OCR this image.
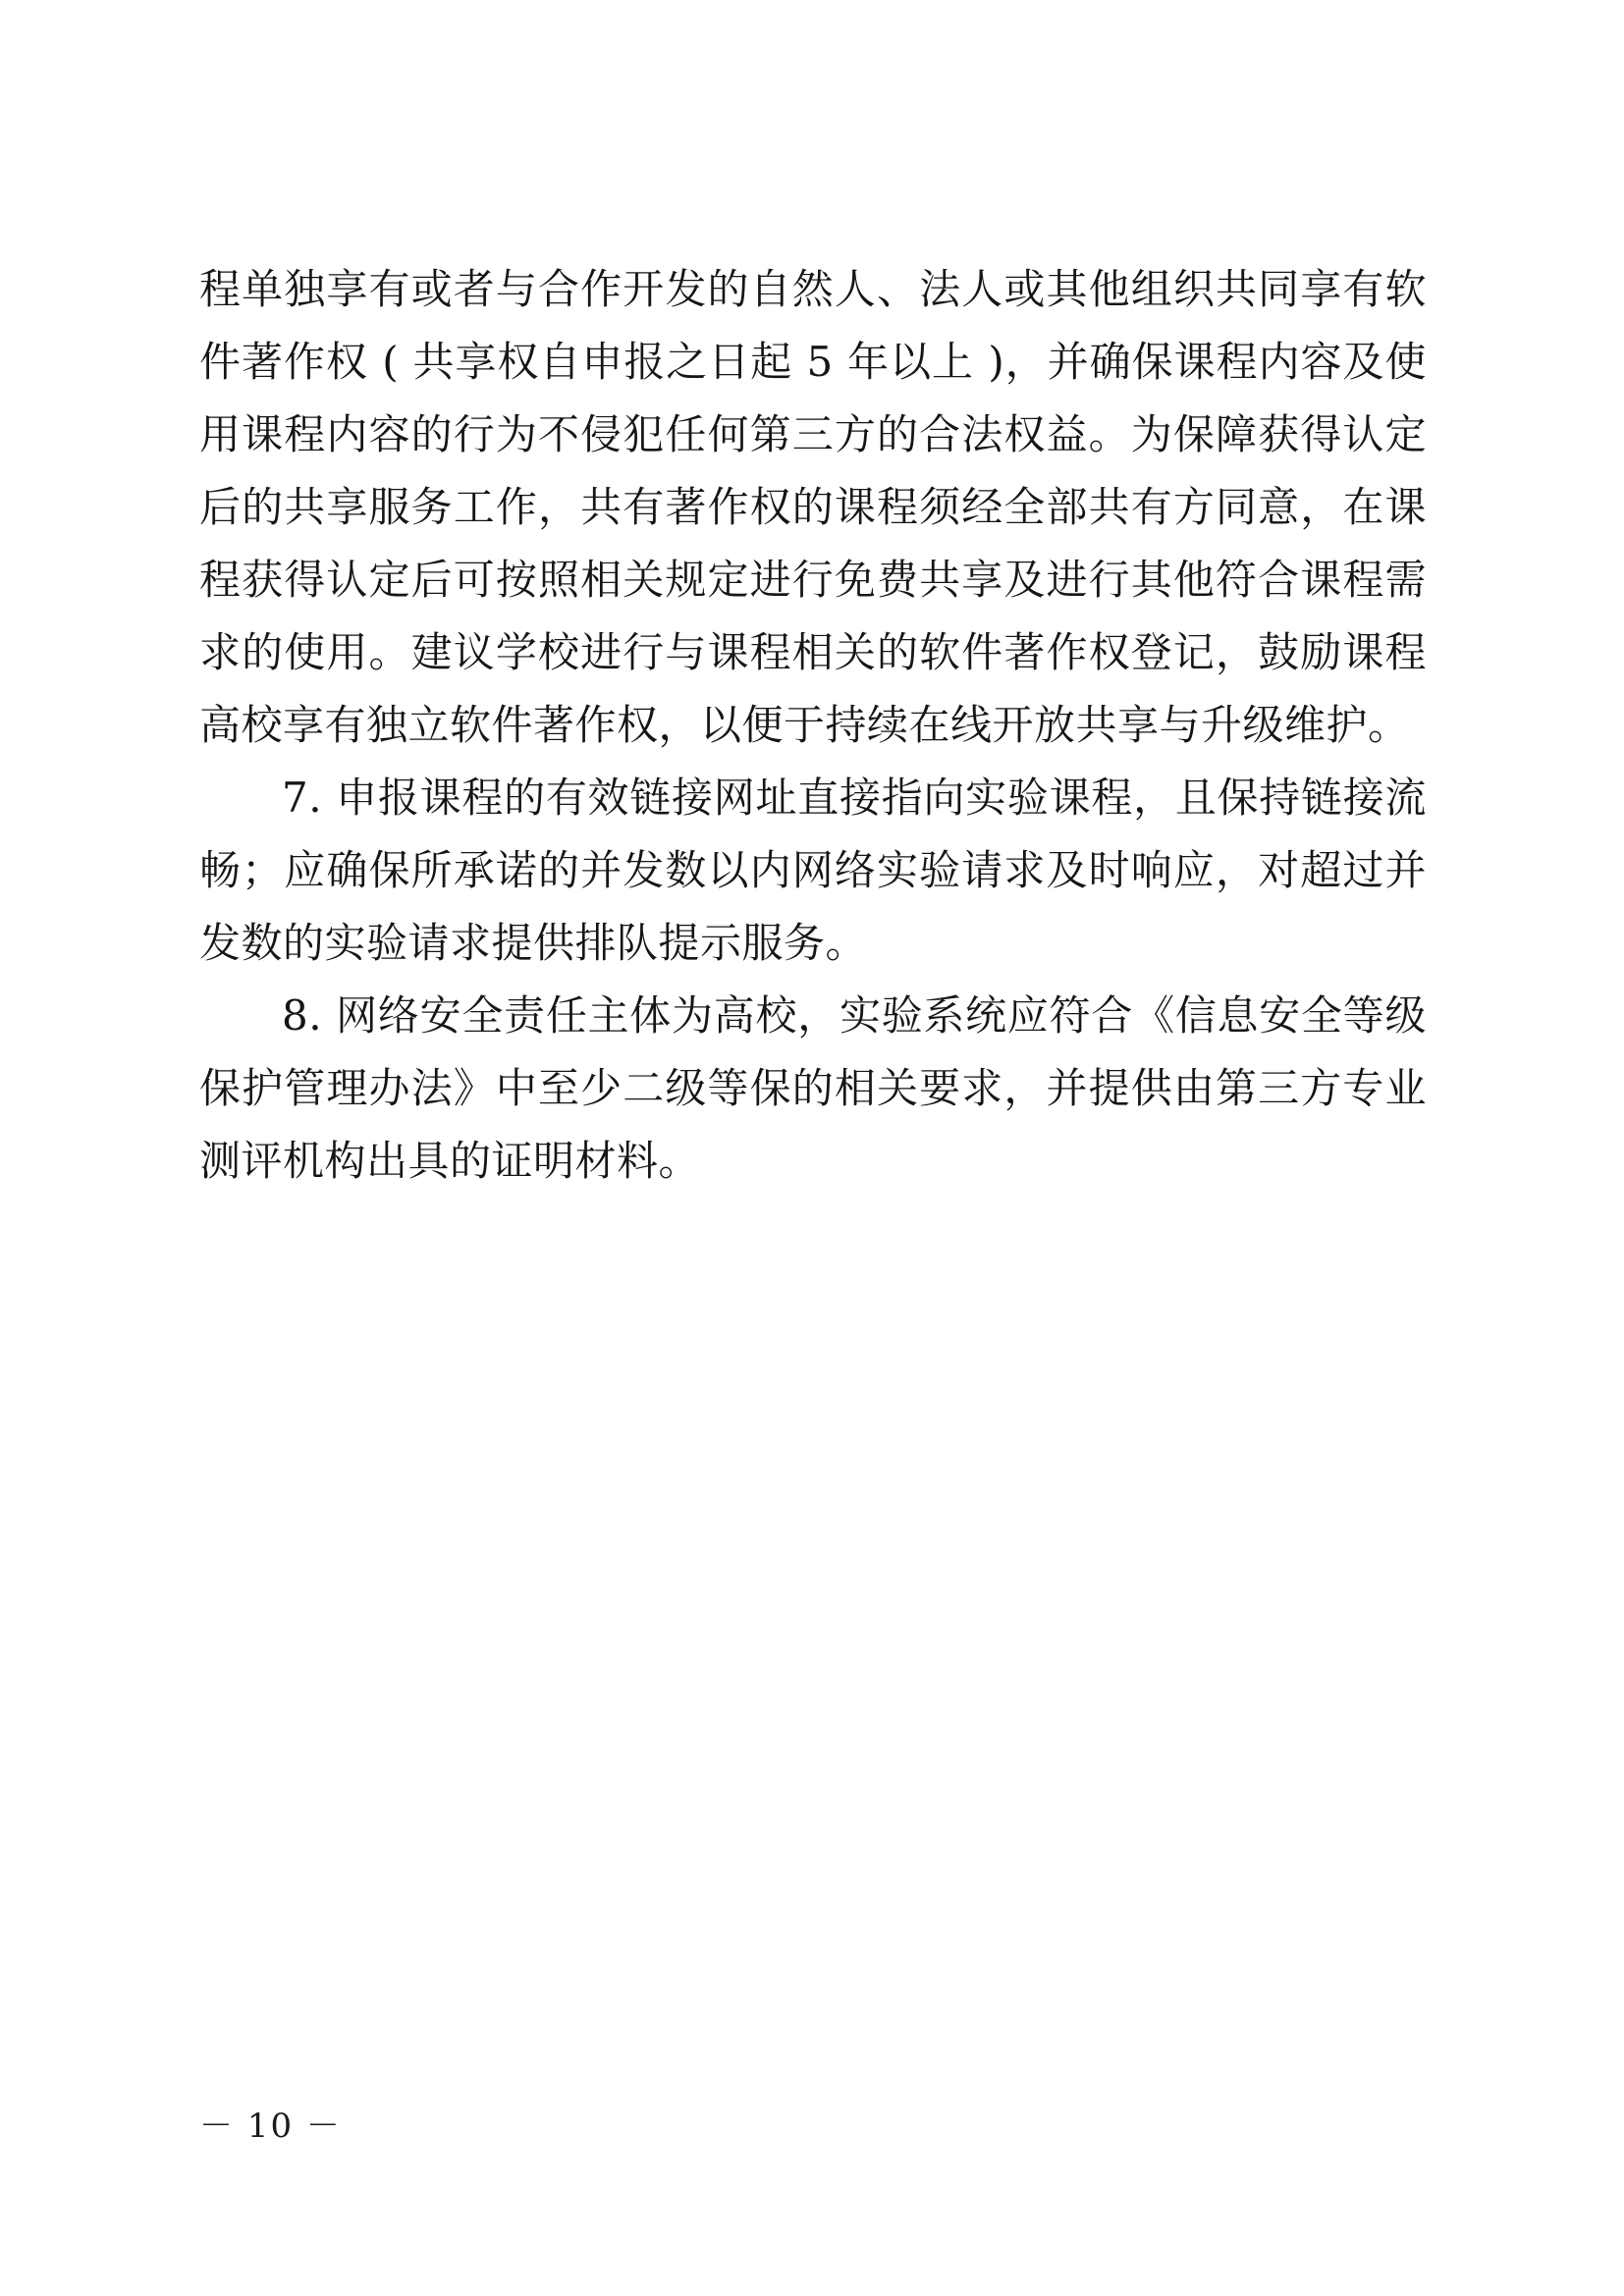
程单独享有或者与合作开发的自然人、法人或其他组织共同享有软件著作权 ( 共享权自申报之日起 5 年以上 )，并确保课程内容及使用课程内容的行为不侵犯任何第三方的合法权益。为保障获得认定后的共享服务工作，共有著作权的课程须经全部共有方同意，在课程获得认定后可按照相关规定进行免费共享及进行其他符合课程需求的使用。建议学校进行与课程相关的软件著作权登记，鼓励课程高校享有独立软件著作权，以便于持续在线开放共享与升级维护。

7. 申报课程的有效链接网址直接指向实验课程，且保持链接流畅；应确保所承诺的并发数以内网络实验请求及时响应，对超过并发数的实验请求提供排队提示服务。

8. 网络安全责任主体为高校，实验系统应符合《信息安全等级保护管理办法》中至少二级等保的相关要求，并提供由第三方专业测评机构出具的证明材料。

－ 10 －
